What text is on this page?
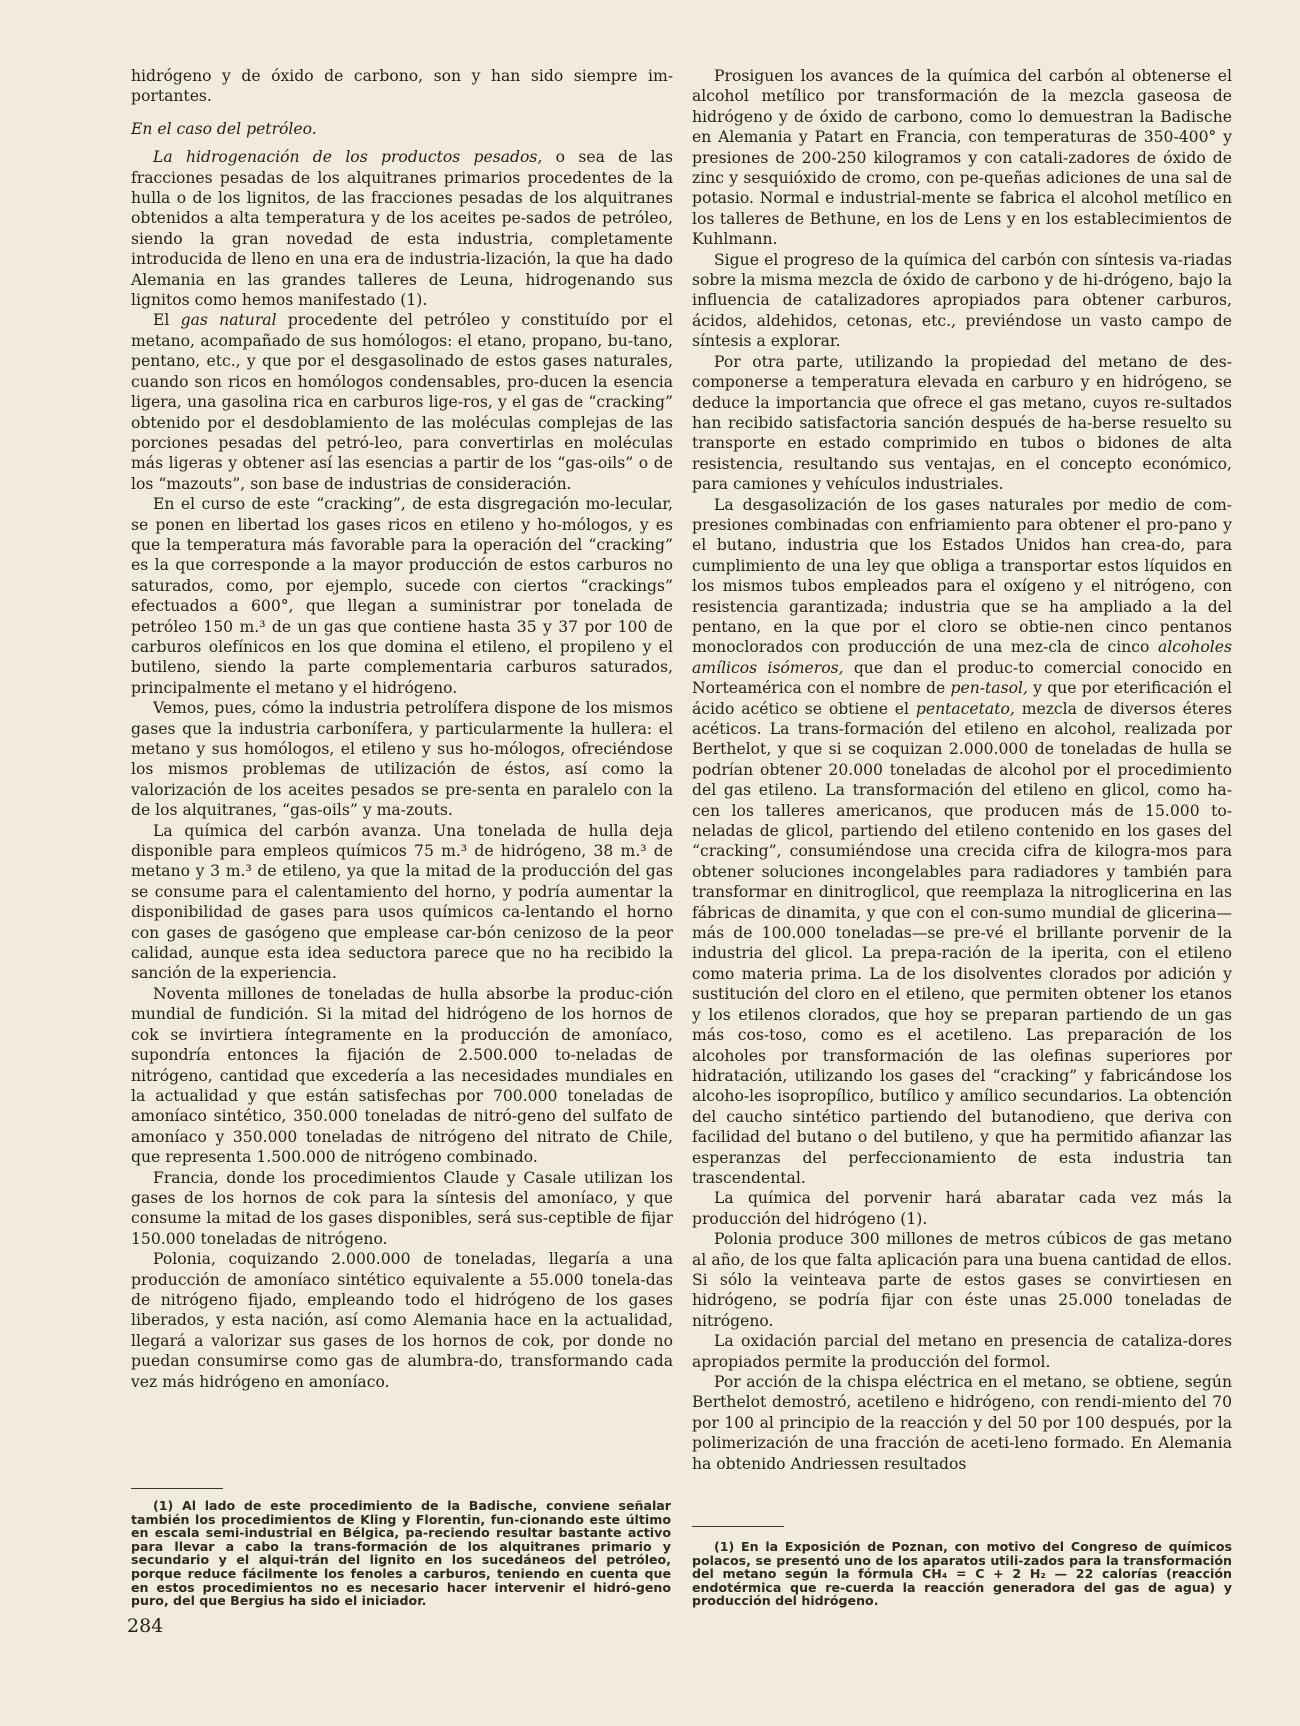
hidrógeno y de óxido de carbono, son y han sido siempre im-portantes.

En el caso del petróleo.

La hidrogenación de los productos pesados, o sea de las fracciones pesadas de los alquitranes primarios procedentes de la hulla o de los lignitos, de las fracciones pesadas de los alquitranes obtenidos a alta temperatura y de los aceites pe-sados de petróleo, siendo la gran novedad de esta industria, completamente introducida de lleno en una era de industria-lización, la que ha dado Alemania en las grandes talleres de Leuna, hidrogenando sus lignitos como hemos manifestado (1).

El gas natural procedente del petróleo y constituído por el metano, acompañado de sus homólogos: el etano, propano, bu-tano, pentano, etc., y que por el desgasolinado de estos gases naturales, cuando son ricos en homólogos condensables, pro-ducen la esencia ligera, una gasolina rica en carburos lige-ros, y el gas de “cracking” obtenido por el desdoblamiento de las moléculas complejas de las porciones pesadas del petró-leo, para convertirlas en moléculas más ligeras y obtener así las esencias a partir de los “gas-oils” o de los “mazouts”, son base de industrias de consideración.

En el curso de este “cracking”, de esta disgregación mo-lecular, se ponen en libertad los gases ricos en etileno y ho-mólogos, y es que la temperatura más favorable para la operación del “cracking” es la que corresponde a la mayor producción de estos carburos no saturados, como, por ejemplo, sucede con ciertos “crackings” efectuados a 600°, que llegan a suministrar por tonelada de petróleo 150 m.³ de un gas que contiene hasta 35 y 37 por 100 de carburos olefínicos en los que domina el etileno, el propileno y el butileno, siendo la parte complementaria carburos saturados, principalmente el metano y el hidrógeno.

Vemos, pues, cómo la industria petrolífera dispone de los mismos gases que la industria carbonífera, y particularmente la hullera: el metano y sus homólogos, el etileno y sus ho-mólogos, ofreciéndose los mismos problemas de utilización de éstos, así como la valorización de los aceites pesados se pre-senta en paralelo con la de los alquitranes, “gas-oils” y ma-zouts.

La química del carbón avanza. Una tonelada de hulla deja disponible para empleos químicos 75 m.³ de hidrógeno, 38 m.³ de metano y 3 m.³ de etileno, ya que la mitad de la producción del gas se consume para el calentamiento del horno, y podría aumentar la disponibilidad de gases para usos químicos ca-lentando el horno con gases de gasógeno que emplease car-bón cenizoso de la peor calidad, aunque esta idea seductora parece que no ha recibido la sanción de la experiencia.

Noventa millones de toneladas de hulla absorbe la produc-ción mundial de fundición. Si la mitad del hidrógeno de los hornos de cok se invirtiera íntegramente en la producción de amoníaco, supondría entonces la fijación de 2.500.000 to-neladas de nitrógeno, cantidad que excedería a las necesidades mundiales en la actualidad y que están satisfechas por 700.000 toneladas de amoníaco sintético, 350.000 toneladas de nitró-geno del sulfato de amoníaco y 350.000 toneladas de nitrógeno del nitrato de Chile, que representa 1.500.000 de nitrógeno combinado.

Francia, donde los procedimientos Claude y Casale utilizan los gases de los hornos de cok para la síntesis del amoníaco, y que consume la mitad de los gases disponibles, será sus-ceptible de fijar 150.000 toneladas de nitrógeno.

Polonia, coquizando 2.000.000 de toneladas, llegaría a una producción de amoníaco sintético equivalente a 55.000 tonela-das de nitrógeno fijado, empleando todo el hidrógeno de los gases liberados, y esta nación, así como Alemania hace en la actualidad, llegará a valorizar sus gases de los hornos de cok, por donde no puedan consumirse como gas de alumbra-do, transformando cada vez más hidrógeno en amoníaco.

(1) Al lado de este procedimiento de la Badische, conviene señalar también los procedimientos de Kling y Florentin, fun-cionando este último en escala semi-industrial en Bélgica, pa-reciendo resultar bastante activo para llevar a cabo la trans-formación de los alquitranes primario y secundario y el alqui-trán del lignito en los sucedáneos del petróleo, porque reduce fácilmente los fenoles a carburos, teniendo en cuenta que en estos procedimientos no es necesario hacer intervenir el hidró-geno puro, del que Bergius ha sido el iniciador.

Prosiguen los avances de la química del carbón al obtenerse el alcohol metílico por transformación de la mezcla gaseosa de hidrógeno y de óxido de carbono, como lo demuestran la Badische en Alemania y Patart en Francia, con temperaturas de 350-400° y presiones de 200-250 kilogramos y con catali-zadores de óxido de zinc y sesquióxido de cromo, con pe-queñas adiciones de una sal de potasio. Normal e industrial-mente se fabrica el alcohol metílico en los talleres de Bethune, en los de Lens y en los establecimientos de Kuhlmann.

Sigue el progreso de la química del carbón con síntesis va-riadas sobre la misma mezcla de óxido de carbono y de hi-drógeno, bajo la influencia de catalizadores apropiados para obtener carburos, ácidos, aldehidos, cetonas, etc., previéndose un vasto campo de síntesis a explorar.

Por otra parte, utilizando la propiedad del metano de des-componerse a temperatura elevada en carburo y en hidrógeno, se deduce la importancia que ofrece el gas metano, cuyos re-sultados han recibido satisfactoria sanción después de ha-berse resuelto su transporte en estado comprimido en tubos o bidones de alta resistencia, resultando sus ventajas, en el concepto económico, para camiones y vehículos industriales.

La desgasolización de los gases naturales por medio de com-presiones combinadas con enfriamiento para obtener el pro-pano y el butano, industria que los Estados Unidos han crea-do, para cumplimiento de una ley que obliga a transportar estos líquidos en los mismos tubos empleados para el oxígeno y el nitrógeno, con resistencia garantizada; industria que se ha ampliado a la del pentano, en la que por el cloro se obtie-nen cinco pentanos monoclorados con producción de una mez-cla de cinco alcoholes amílicos isómeros, que dan el produc-to comercial conocido en Norteamérica con el nombre de pen-tasol, y que por eterificación el ácido acético se obtiene el pentacetato, mezcla de diversos éteres acéticos. La trans-formación del etileno en alcohol, realizada por Berthelot, y que si se coquizan 2.000.000 de toneladas de hulla se podrían obtener 20.000 toneladas de alcohol por el procedimiento del gas etileno. La transformación del etileno en glicol, como ha-cen los talleres americanos, que producen más de 15.000 to-neladas de glicol, partiendo del etileno contenido en los gases del “cracking”, consumiéndose una crecida cifra de kilogra-mos para obtener soluciones incongelables para radiadores y también para transformar en dinitroglicol, que reemplaza la nitroglicerina en las fábricas de dinamita, y que con el con-sumo mundial de glicerina—más de 100.000 toneladas—se pre-vé el brillante porvenir de la industria del glicol. La prepa-ración de la iperita, con el etileno como materia prima. La de los disolventes clorados por adición y sustitución del cloro en el etileno, que permiten obtener los etanos y los etilenos clorados, que hoy se preparan partiendo de un gas más cos-toso, como es el acetileno. Las preparación de los alcoholes por transformación de las olefinas superiores por hidratación, utilizando los gases del “cracking” y fabricándose los alcoho-les isopropílico, butílico y amílico secundarios. La obtención del caucho sintético partiendo del butanodieno, que deriva con facilidad del butano o del butileno, y que ha permitido afianzar las esperanzas del perfeccionamiento de esta industria tan trascendental.

La química del porvenir hará abaratar cada vez más la producción del hidrógeno (1).

Polonia produce 300 millones de metros cúbicos de gas metano al año, de los que falta aplicación para una buena cantidad de ellos. Si sólo la veinteava parte de estos gases se convirtiesen en hidrógeno, se podría fijar con éste unas 25.000 toneladas de nitrógeno.

La oxidación parcial del metano en presencia de cataliza-dores apropiados permite la producción del formol.

Por acción de la chispa eléctrica en el metano, se obtiene, según Berthelot demostró, acetileno e hidrógeno, con rendi-miento del 70 por 100 al principio de la reacción y del 50 por 100 después, por la polimerización de una fracción de aceti-leno formado. En Alemania ha obtenido Andriessen resultados

(1) En la Exposición de Poznan, con motivo del Congreso de químicos polacos, se presentó uno de los aparatos utili-zados para la transformación del metano según la fórmula CH₄ = C + 2 H₂ — 22 calorías (reacción endotérmica que re-cuerda la reacción generadora del gas de agua) y producción del hidrógeno.

284
